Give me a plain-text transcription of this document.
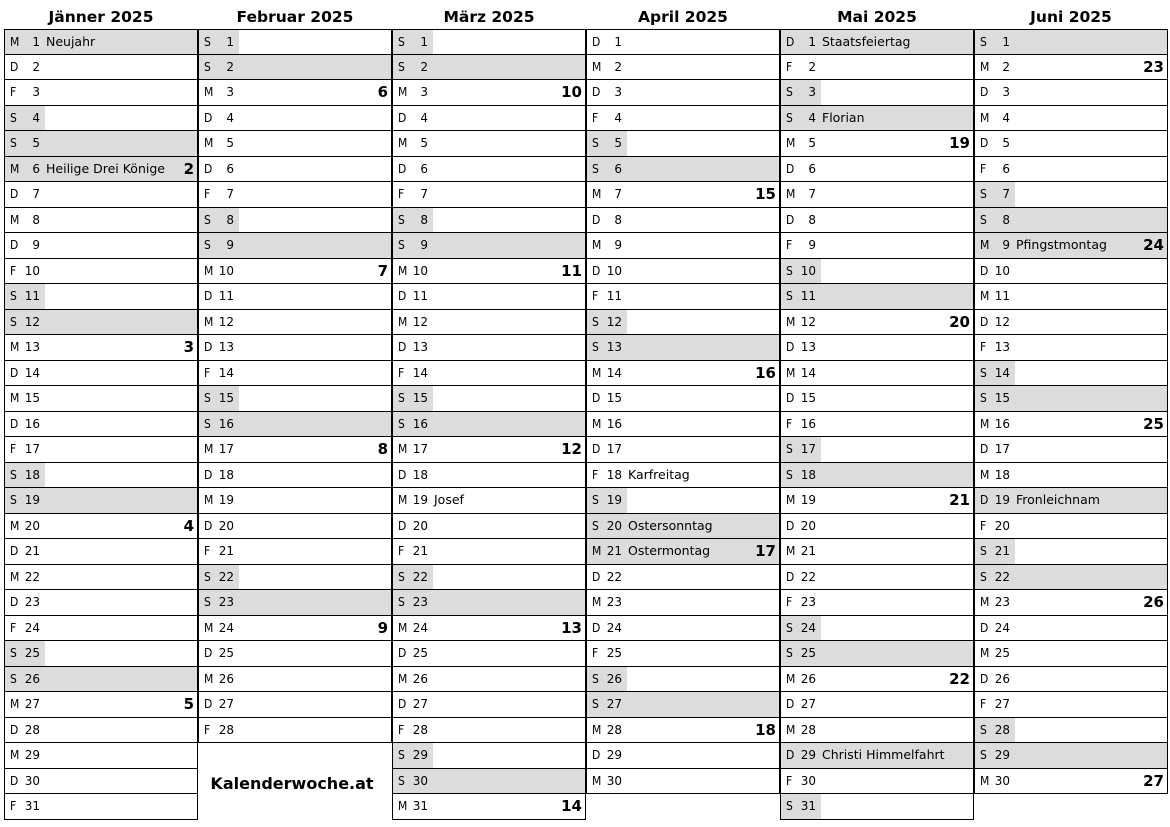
Jänner 2025
M	1 Neujahr
D	2
F	3
S	4
S	5
M	6 Heilige Drei Könige 2
D	7
M	8
D	9
F 10
S 11
S 12
M 13	3
D 14
M 15
D 16
F 17
S 18
S 19
M 20	4
D 21
M 22
D 23
F 24
S 25
S 26
M 27	5
D 28
M 29
D 30
F 31
Februar 2025
S	1
S	2
M	3	6
D	4
M	5
D	6
F	7
S	8
S	9
M 10	7
D 11
M 12
D 13
F 14
S 15
S 16
M 17	8
D 18
M 19
D 20
F 21
S 22
S 23
M 24	9
D 25
M 26
D 27
F 28
März 2025
S	1
S	2
M	3	10
D	4
M	5
D	6
F	7
S	8
S	9
M 10	11
D 11
M 12
D 13
F 14
S 15
S 16
M 17	12
D 18
M 19 Josef
D 20
F 21
S 22
S 23
M 24	13
D 25
M 26
D 27
F 28
S 29
S 30
M 31	14
April 2025
D	1
M	2
D	3
F	4
S	5
S	6
M	7	15
D	8
M	9
D 10
F 11
S 12
S 13
M 14	16
D 15
M 16
D 17
F 18 Karfreitag
S 19
S 20 Ostersonntag
M 21 Ostermontag	17
D 22
M 23
D 24
F 25
S 26
S 27
M 28	18
D 29
M 30
Mai 2025
D	1 Staatsfeiertag
F	2
S	3
S	4 Florian
M	5	19
D	6
M	7
D	8
F	9
S 10
S 11
M 12	20
D 13
M 14
D 15
F 16
S 17
S 18
M 19	21
D 20
M 21
D 22
F 23
S 24
S 25
M 26	22
D 27
M 28
D 29 Christi Himmelfahrt
F 30
S 31
Juni 2025
S	1
M	2	23
D	3
M	4
D	5
F	6
S	7
S	8
M	9 Pfingstmontag 24
D 10
M 11
D 12
F 13
S 14
S 15
M 16	25
D 17
M 18
D 19 Fronleichnam
F 20
S 21
S 22
M 23	26
D 24
M 25
D 26
F 27
S 28
S 29
M 30	27
Kalenderwoche.at
